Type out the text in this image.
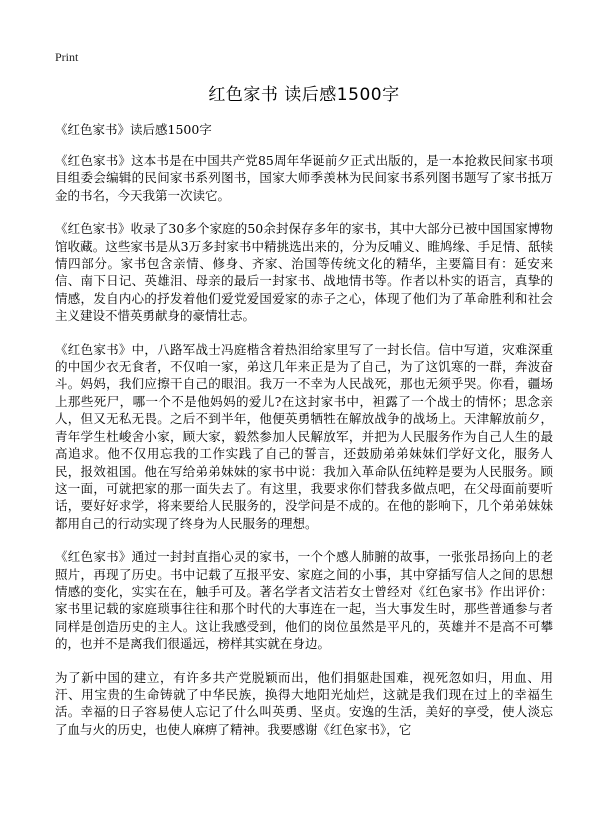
Print
红色家书 读后感1500字

《红色家书》读后感1500字

《红色家书》这本书是在中国共产党85周年华诞前夕正式出版的，是一本抢救民间家书项目组委会编辑的民间家书系列图书，国家大师季羡林为民间家书系列图书题写了家书抵万金的书名，今天我第一次读它。

《红色家书》收录了30多个家庭的50余封保存多年的家书，其中大部分已被中国国家博物馆收藏。这些家书是从3万多封家书中精挑选出来的，分为反哺义、睢鸠缘、手足情、舐犊情四部分。家书包含亲情、修身、齐家、治国等传统文化的精华，主要篇目有：延安来信、南下日记、英雄泪、母亲的最后一封家书、战地情书等。作者以朴实的语言，真挚的情感，发自内心的抒发着他们爱党爱国爱家的赤子之心，体现了他们为了革命胜利和社会主义建设不惜英勇献身的豪情壮志。

《红色家书》中，八路军战士冯庭楷含着热泪给家里写了一封长信。信中写道，灾难深重的中国少衣无食者，不仅咱一家，弟这几年来正是为了自己，为了这饥寒的一群，奔波奋斗。妈妈，我们应擦干自己的眼泪。我万一不幸为人民战死，那也无须乎哭。你看，疆场上那些死尸，哪一个不是他妈妈的爱儿?在这封家书中，袒露了一个战士的情怀；思念亲人，但又无私无畏。之后不到半年，他便英勇牺牲在解放战争的战场上。天津解放前夕，青年学生杜峻舍小家，顾大家，毅然参加人民解放军，并把为人民服务作为自己人生的最高追求。他不仅用忘我的工作实践了自己的誓言，还鼓励弟弟妹妹们学好文化，服务人民，报效祖国。他在写给弟弟妹妹的家书中说：我加入革命队伍纯粹是要为人民服务。顾这一面，可就把家的那一面失去了。有这里，我要求你们替我多做点吧，在父母面前要听话，要好好求学，将来要给人民服务的，没学问是不成的。在他的影响下，几个弟弟妹妹都用自己的行动实现了终身为人民服务的理想。

《红色家书》通过一封封直指心灵的家书，一个个感人肺腑的故事，一张张昂扬向上的老照片，再现了历史。书中记载了互报平安、家庭之间的小事，其中穿插写信人之间的思想情感的变化，实实在在，触手可及。著名学者文洁若女士曾经对《红色家书》作出评价：家书里记载的家庭琐事往往和那个时代的大事连在一起，当大事发生时，那些普通参与者同样是创造历史的主人。这让我感受到，他们的岗位虽然是平凡的，英雄并不是高不可攀的，也并不是离我们很遥远，榜样其实就在身边。

为了新中国的建立，有许多共产党脱颖而出，他们捐躯赴国难，视死忽如归，用血、用汗、用宝贵的生命铸就了中华民族，换得大地阳光灿烂，这就是我们现在过上的幸福生活。幸福的日子容易使人忘记了什么叫英勇、坚贞。安逸的生活，美好的享受，使人淡忘了血与火的历史，也使人麻痹了精神。我要感谢《红色家书》，它
